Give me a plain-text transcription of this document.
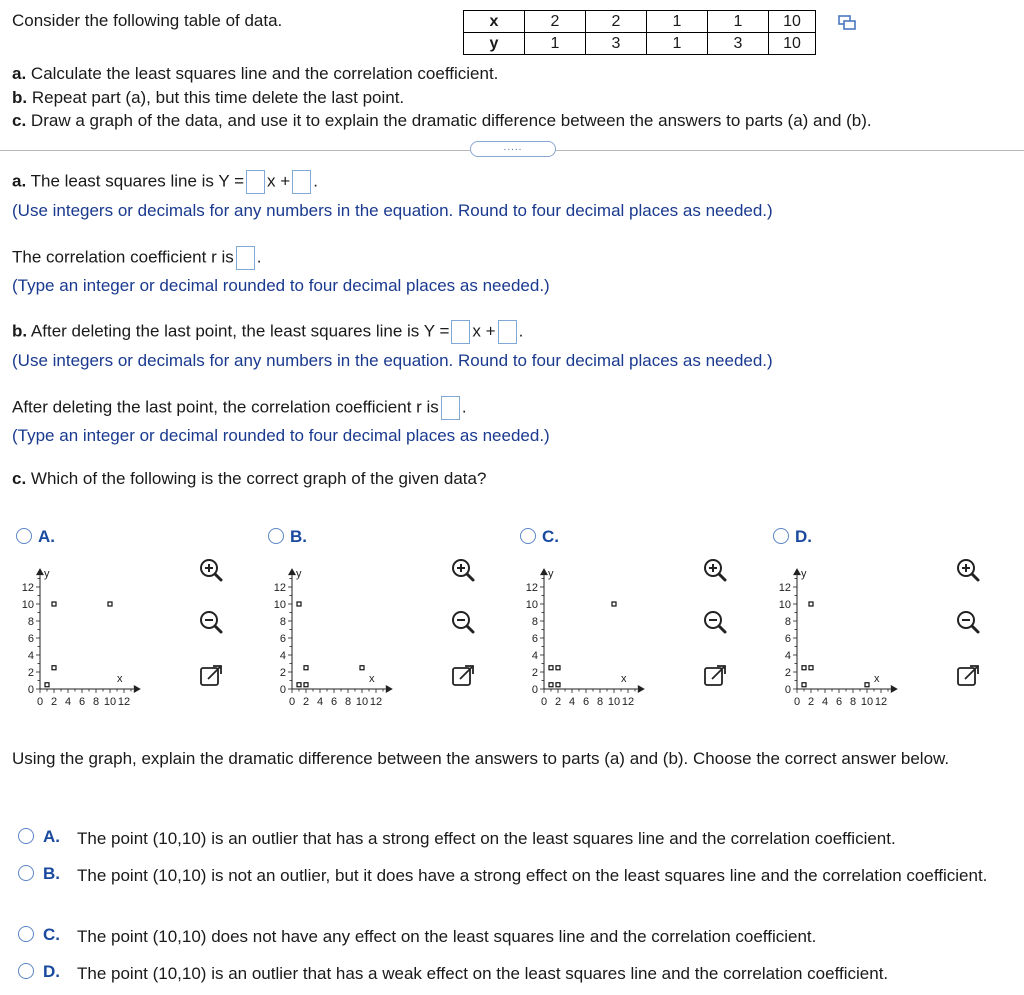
Consider the following table of data.	x	2	2	1	1	10
y	1	3	1	3	10
a. Calculate the least squares line and the correlation coefficient.
b. Repeat part (a), but this time delete the last point.
c. Draw a graph of the data, and use it to explain the dramatic difference between the answers to parts (a) and (b).
.....
a. The least squares line is Y = x + .
(Use integers or decimals for any numbers in the equation. Round to four decimal places as needed.)
The correlation coefficient r is .
(Type an integer or decimal rounded to four decimal places as needed.)
b. After deleting the last point, the least squares line is Y = x + .
(Use integers or decimals for any numbers in the equation. Round to four decimal places as needed.)
After deleting the last point, the correlation coefficient r is .
(Type an integer or decimal rounded to four decimal places as needed.)
c. Which of the following is the correct graph of the given data?
A.
0 2 4 6 8 10 12
0
2
4
6
8
10
12
x
y
B.
0 2 4 6 8 10 12
0
2
4
6
8
10
12
x
y
C.
0 2 4 6 8 10 12
0
2
4
6
8
10
12
x
y
D.
0 2 4 6 8 10 12
0
2
4
6
8
10
12
x
y
Using the graph, explain the dramatic difference between the answers to parts (a) and (b). Choose the correct answer below.
A. The point (10,10) is an outlier that has a strong effect on the least squares line and the correlation coefficient.
B. The point (10,10) is not an outlier, but it does have a strong effect on the least squares line and the correlation coefficient.
C. The point (10,10) does not have any effect on the least squares line and the correlation coefficient.
D. The point (10,10) is an outlier that has a weak effect on the least squares line and the correlation coefficient.
